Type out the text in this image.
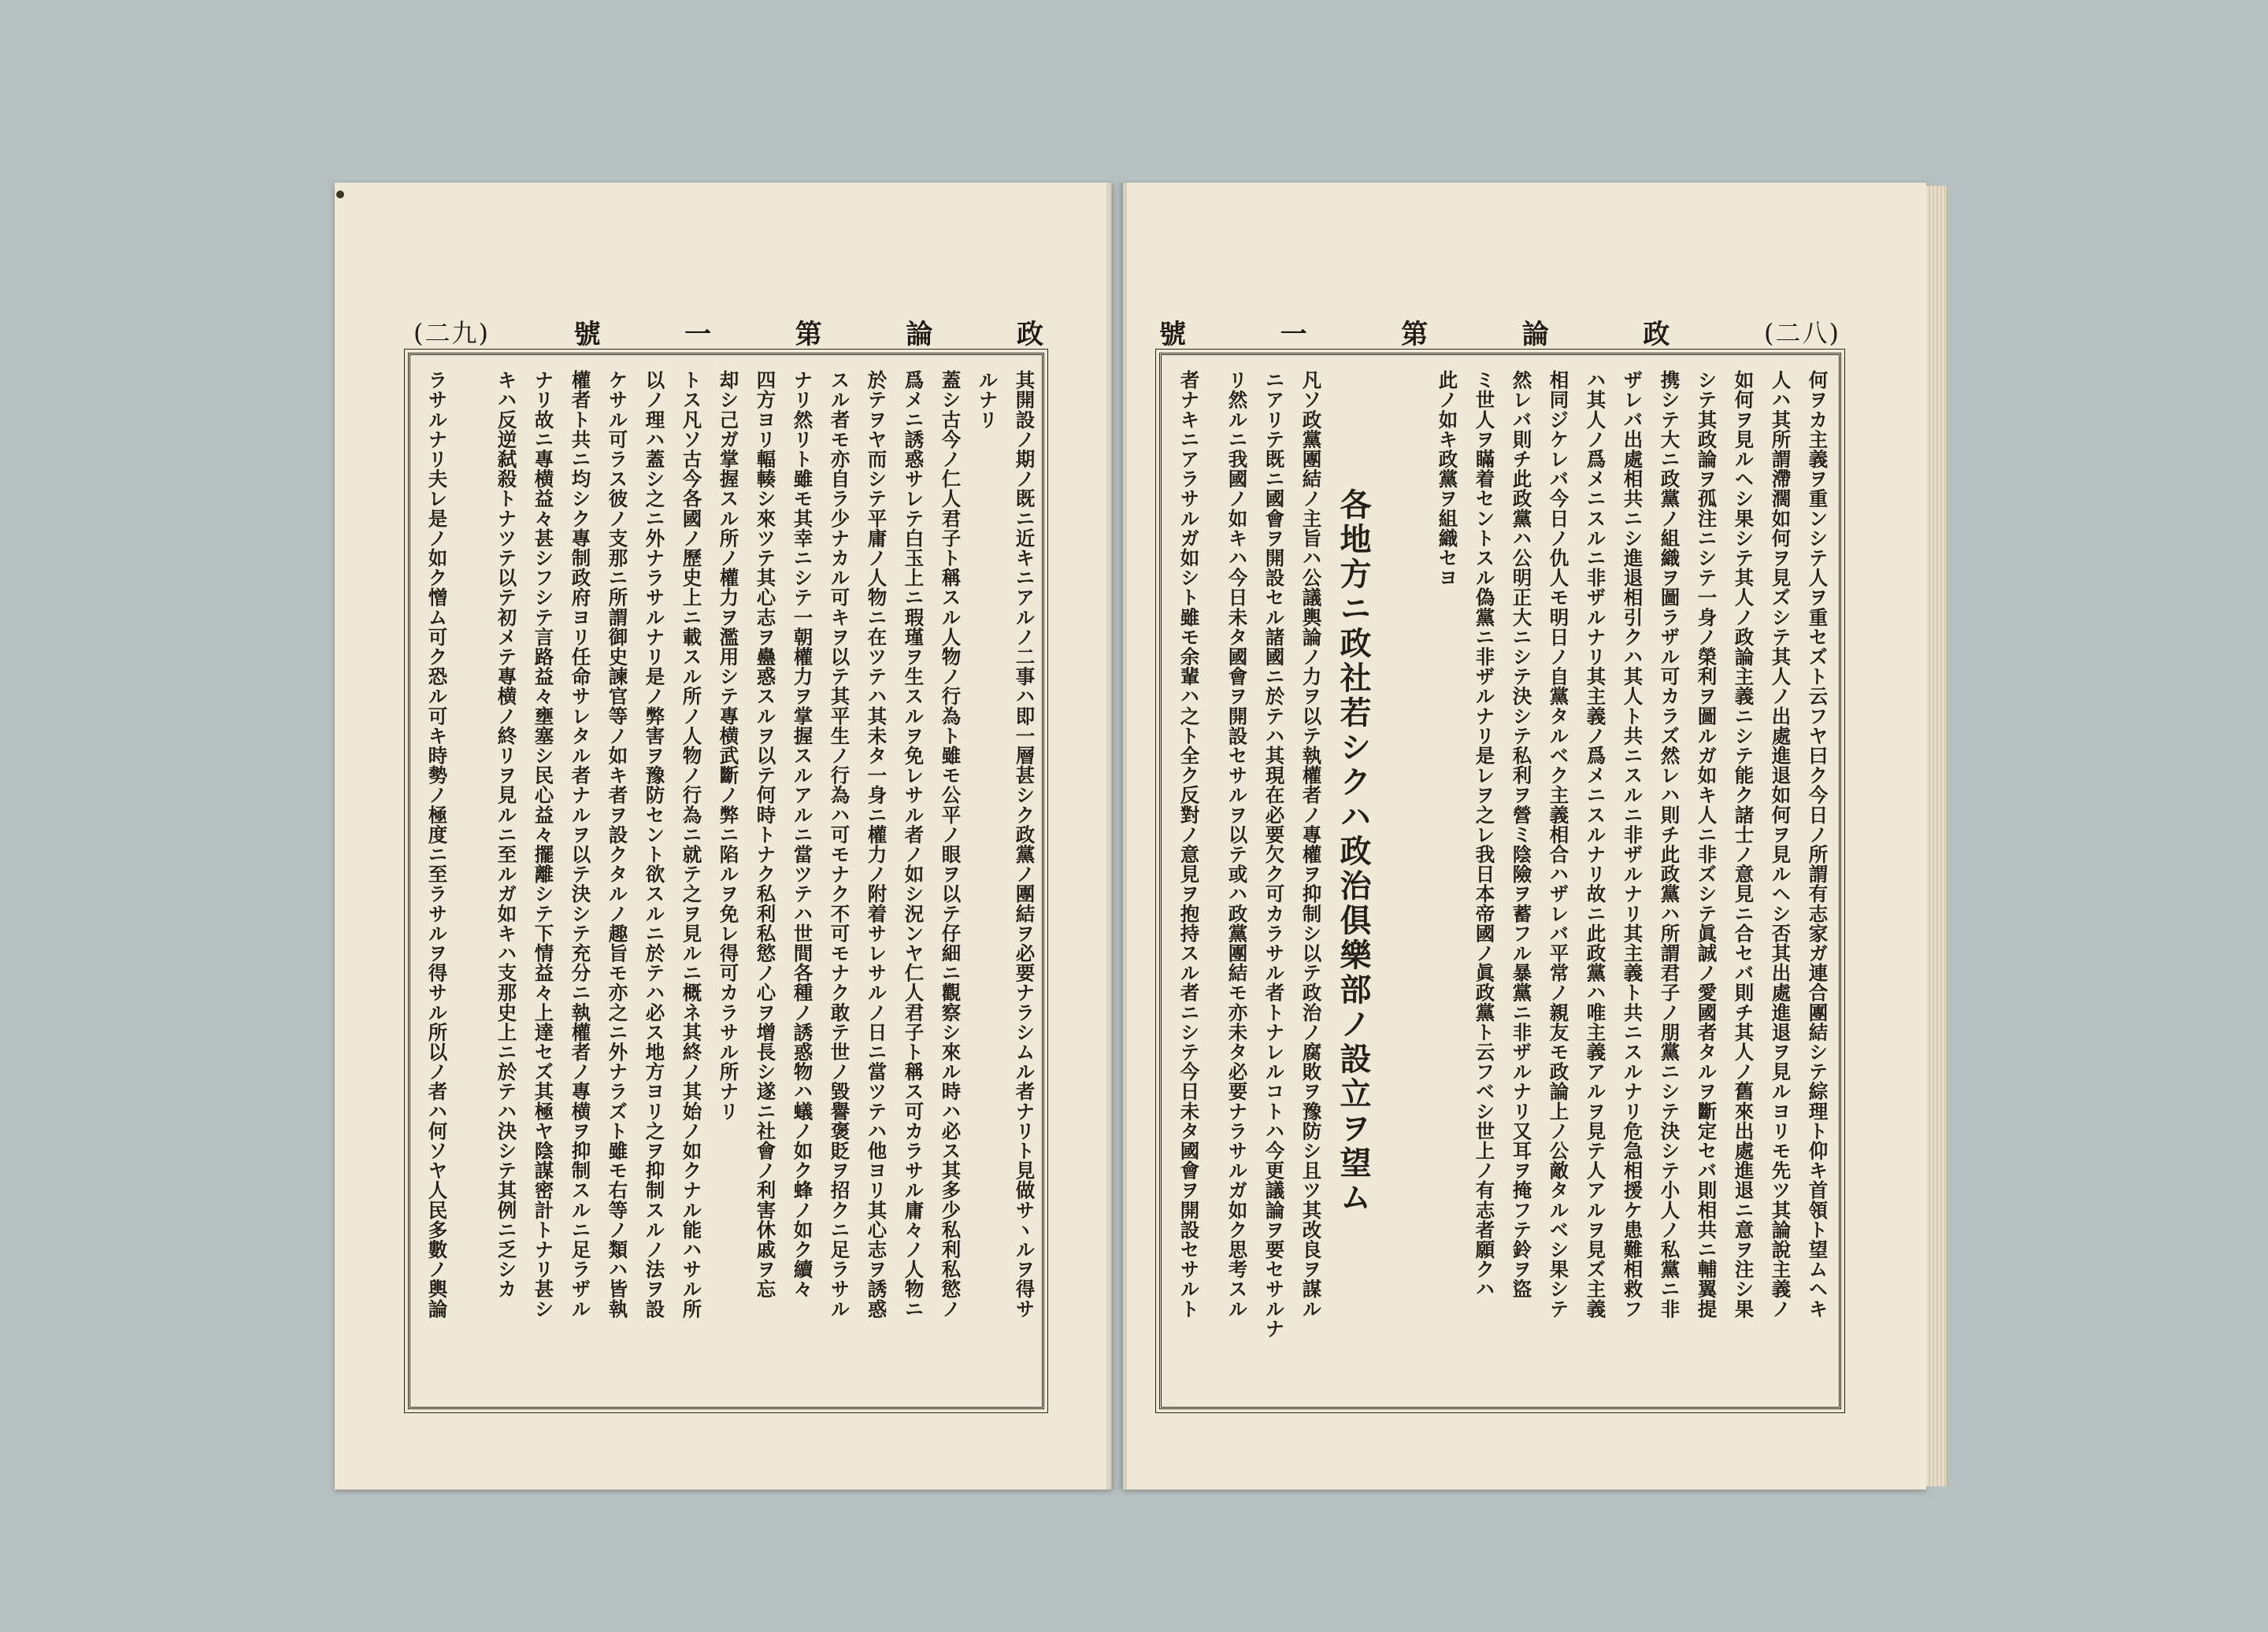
(二九)	號	一	第	論	政	號	一	第	論	政	(二八)
其開設ノ期ノ既ニ近キニアルノ二事ハ即一層甚シク政黨ノ團結ヲ必要ナラシムル者ナリト見做サヽルヲ得サ
ルナリ
蓋シ古今ノ仁人君子ト稱スル人物ノ行為ト雖モ公平ノ眼ヲ以テ仔細ニ觀察シ來ル時ハ必ス其多少私利私慾ノ
爲メニ誘惑サレテ白玉上ニ瑕瑾ヲ生スルヲ免レサル者ノ如シ況ンヤ仁人君子ト稱ス可カラサル庸々ノ人物ニ
於テヲヤ而シテ平庸ノ人物ニ在ツテハ其未タ一身ニ權力ノ附着サレサルノ日ニ當ツテハ他ヨリ其心志ヲ誘惑
スル者モ亦自ラ少ナカル可キヲ以テ其平生ノ行為ハ可モナク不可モナク敢テ世ノ毀譽褒貶ヲ招クニ足ラサル
ナリ然リト雖モ其幸ニシテ一朝權力ヲ掌握スルアルニ當ツテハ世間各種ノ誘惑物ハ蟻ノ如ク蜂ノ如ク續々
四方ヨリ輻輳シ來ツテ其心志ヲ蠱惑スルヲ以テ何時トナク私利私慾ノ心ヲ增長シ遂ニ社會ノ利害休戚ヲ忘
却シ己ガ掌握スル所ノ權力ヲ濫用シテ專横武斷ノ弊ニ陷ルヲ免レ得可カラサル所ナリ
トス凡ソ古今各國ノ歷史上ニ載スル所ノ人物ノ行為ニ就テ之ヲ見ルニ概ネ其終ノ其始ノ如クナル能ハサル所
以ノ理ハ蓋シ之ニ外ナラサルナリ是ノ弊害ヲ豫防セント欲スルニ於テハ必ス地方ヨリ之ヲ抑制スルノ法ヲ設
ケサル可ラス彼ノ支那ニ所謂御史諫官等ノ如キ者ヲ設クタルノ趣旨モ亦之ニ外ナラズト雖モ右等ノ類ハ皆執
權者ト共ニ均シク專制政府ヨリ任命サレタル者ナルヲ以テ決シテ充分ニ執權者ノ專横ヲ抑制スルニ足ラザル
ナリ故ニ專横益々甚シフシテ言路益々壅塞シ民心益々擺離シテ下情益々上達セズ其極ヤ陰謀密計トナリ甚シ
キハ反逆弑殺トナツテ以テ初メテ專横ノ終リヲ見ルニ至ルガ如キハ支那史上ニ於テハ決シテ其例ニ乏シカ
ラサルナリ夫レ是ノ如ク憎ム可ク恐ル可キ時勢ノ極度ニ至ラサルヲ得サル所以ノ者ハ何ソヤ人民多數ノ輿論	何ヲカ主義ヲ重ンシテ人ヲ重セズト云フヤ曰ク今日ノ所謂有志家ガ連合團結シテ綜理ト仰キ首領ト望ムヘキ
人ハ其所謂滯濶如何ヲ見ズシテ其人ノ出處進退如何ヲ見ルヘシ否其出處進退ヲ見ルヨリモ先ツ其論說主義ノ
如何ヲ見ルヘシ果シテ其人ノ政論主義ニシテ能ク諸士ノ意見ニ合セバ則チ其人ノ舊來出處進退ニ意ヲ注シ果
シテ其政論ヲ孤注ニシテ一身ノ榮利ヲ圖ルガ如キ人ニ非ズシテ眞誠ノ愛國者タルヲ斷定セバ則相共ニ輔翼提
携シテ大ニ政黨ノ組織ヲ圖ラザル可カラズ然レハ則チ此政黨ハ所謂君子ノ朋黨ニシテ決シテ小人ノ私黨ニ非
ザレバ出處相共ニシ進退相引クハ其人ト共ニスルニ非ザルナリ其主義ト共ニスルナリ危急相援ケ患難相救フ
ハ其人ノ爲メニスルニ非ザルナリ其主義ノ爲メニスルナリ故ニ此政黨ハ唯主義アルヲ見テ人アルヲ見ズ主義
相同ジケレバ今日ノ仇人モ明日ノ自黨タルベク主義相合ハザレバ平常ノ親友モ政論上ノ公敵タルベシ果シテ
然レバ則チ此政黨ハ公明正大ニシテ決シテ私利ヲ營ミ陰險ヲ蓄フル暴黨ニ非ザルナリ又耳ヲ掩フテ鈴ヲ盜
ミ世人ヲ瞞着セントスル偽黨ニ非ザルナリ是レヲ之レ我日本帝國ノ眞政黨ト云フベシ世上ノ有志者願クハ
此ノ如キ政黨ヲ組織セヨ
各地方ニ政社若シクハ政治俱樂部ノ設立ヲ望ム
凡ソ政黨團結ノ主旨ハ公議輿論ノ力ヲ以テ執權者ノ專權ヲ抑制シ以テ政治ノ腐敗ヲ豫防シ且ツ其改良ヲ謀ル
ニアリテ既ニ國會ヲ開設セル諸國ニ於テハ其現在必要欠ク可カラサル者トナレルコトハ今更議論ヲ要セサルナ
リ然ルニ我國ノ如キハ今日未タ國會ヲ開設セサルヲ以テ或ハ政黨團結モ亦未タ必要ナラサルガ如ク思考スル
者ナキニアラサルガ如シト雖モ余輩ハ之ト全ク反對ノ意見ヲ抱持スル者ニシテ今日未タ國會ヲ開設セサルト
